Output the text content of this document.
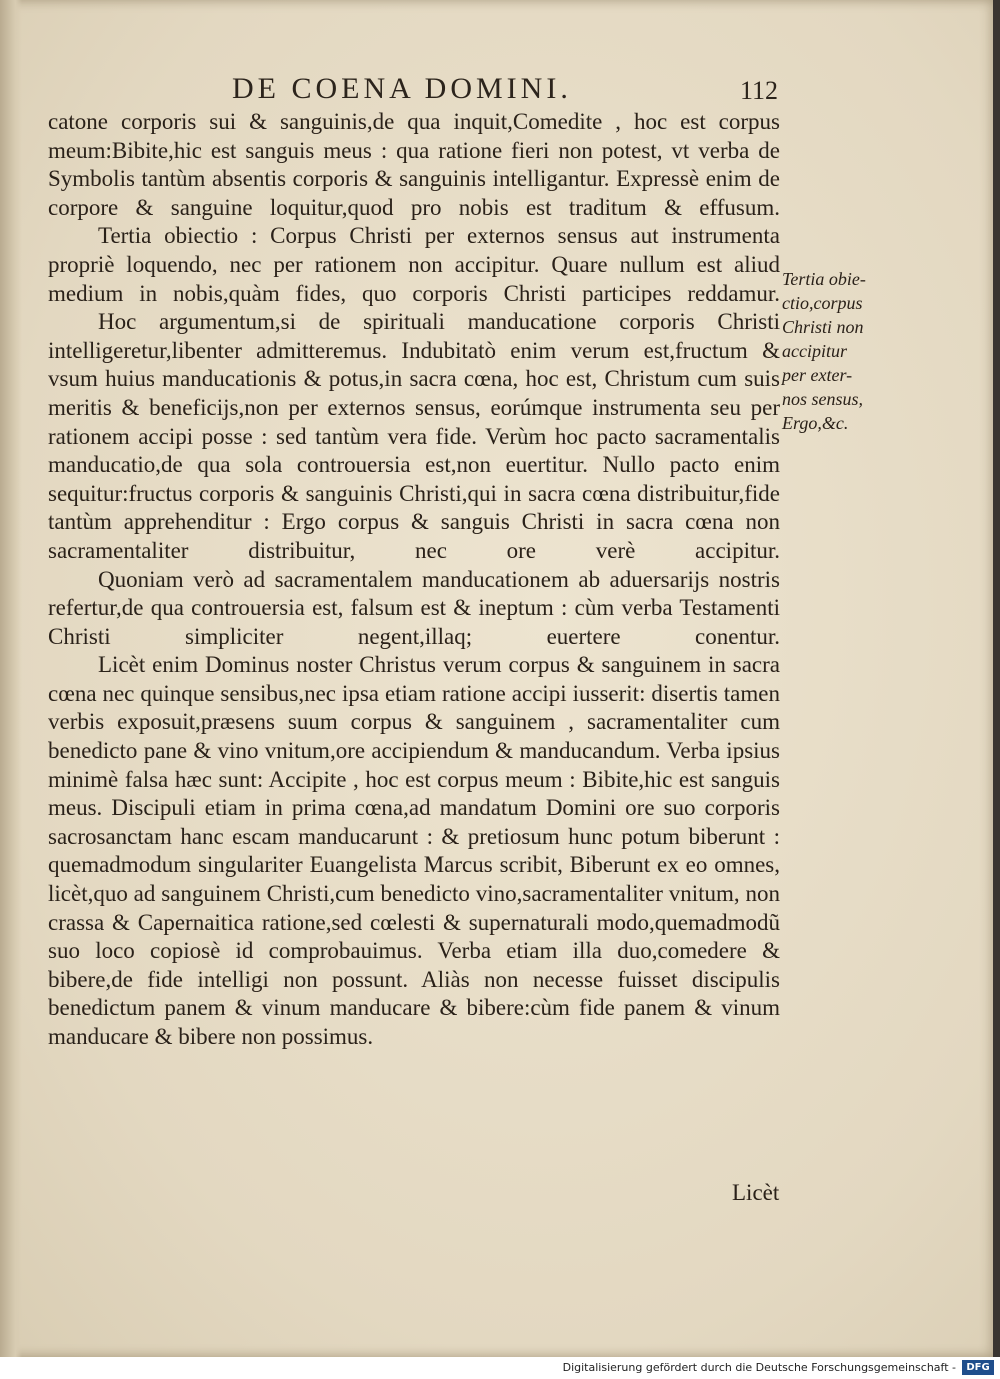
DE COENA DOMINI.	112

catone corporis sui & sanguinis,de qua inquit,Comedite , hoc est corpus meum:Bibite,hic est sanguis meus : qua ratione fieri non potest, vt verba de Symbolis tantùm absentis corporis & sanguinis intelligantur. Expressè enim de corpore & sanguine loquitur,quod pro nobis est traditum & effusum.

Tertia obiectio : Corpus Christi per externos sensus aut instrumenta propriè loquendo, nec per rationem non accipitur. Quare nullum est aliud medium in nobis,quàm fides, quo corporis Christi participes reddamur.

Hoc argumentum,si de spirituali manducatione corporis Christi intelligeretur,libenter admitteremus. Indubitatò enim verum est,fructum & vsum huius manducationis & potus,in sacra cœna, hoc est, Christum cum suis meritis & beneficijs,non per externos sensus, eorúmque instrumenta seu per rationem accipi posse : sed tantùm vera fide. Verùm hoc pacto sacramentalis manducatio,de qua sola controuersia est,non euertitur. Nullo pacto enim sequitur:fructus corporis & sanguinis Christi,qui in sacra cœna distribuitur,fide tantùm apprehenditur : Ergo corpus & sanguis Christi in sacra cœna non sacramentaliter distribuitur, nec ore verè accipitur.

Quoniam verò ad sacramentalem manducationem ab aduersarijs nostris refertur,de qua controuersia est, falsum est & ineptum : cùm verba Testamenti Christi simpliciter negent,illaq; euertere conentur.

Licèt enim Dominus noster Christus verum corpus & sanguinem in sacra cœna nec quinque sensibus,nec ipsa etiam ratione accipi iusserit: disertis tamen verbis exposuit,præsens suum corpus & sanguinem , sacramentaliter cum benedicto pane & vino vnitum,ore accipiendum & manducandum. Verba ipsius minimè falsa hæc sunt: Accipite , hoc est corpus meum : Bibite,hic est sanguis meus. Discipuli etiam in prima cœna,ad mandatum Domini ore suo corporis sacrosanctam hanc escam manducarunt : & pretiosum hunc potum biberunt : quemadmodum singulariter Euangelista Marcus scribit, Biberunt ex eo omnes, licèt,quo ad sanguinem Christi,cum benedicto vino,sacramentaliter vnitum, non crassa & Capernaitica ratione,sed cœlesti & supernaturali modo,quemadmodũ suo loco copiosè id comprobauimus. Verba etiam illa duo,comedere & bibere,de fide intelligi non possunt. Aliàs non necesse fuisset discipulis benedictum panem & vinum manducare & bibere:cùm fide panem & vinum manducare & bibere non possimus.

Tertia obie-
ctio,corpus
Christi non
accipitur
per exter-
nos sensus,
Ergo,&c.
Licèt
Digitalisierung gefördert durch die Deutsche Forschungsgemeinschaft -	DFG
